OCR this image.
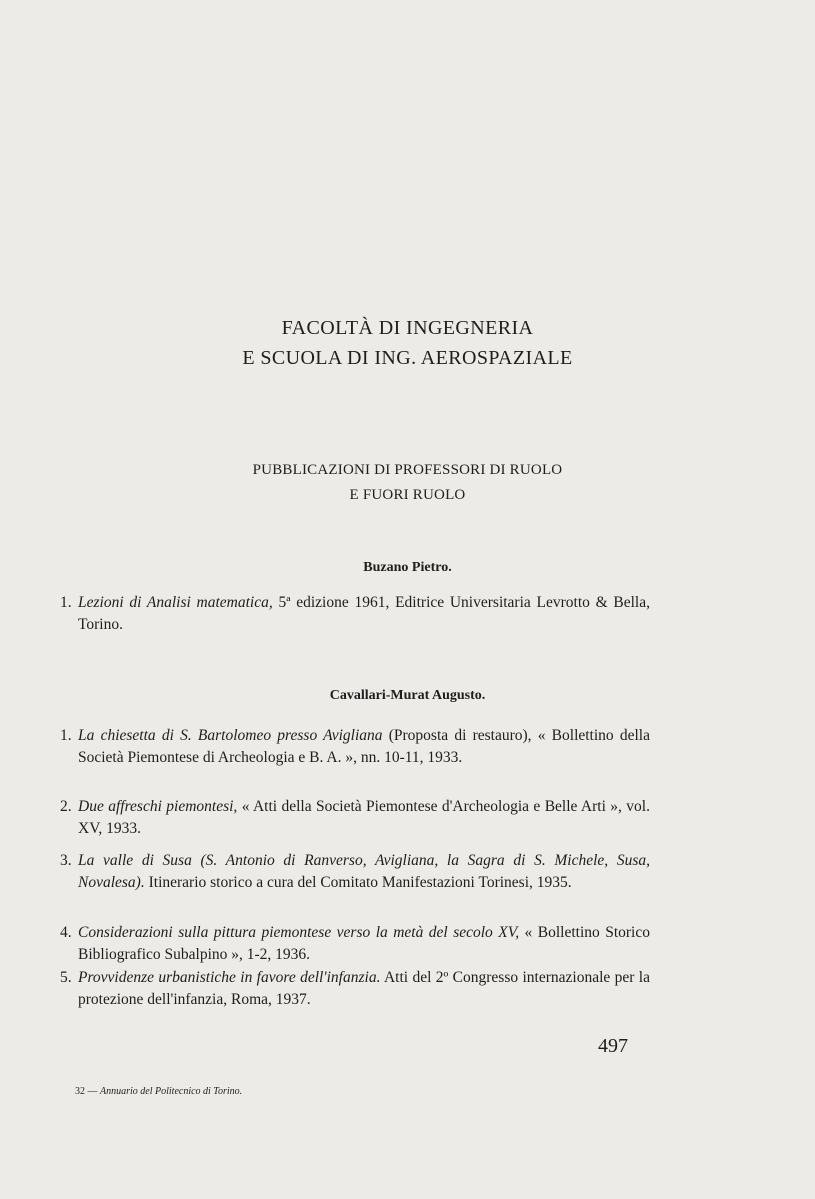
FACOLTÀ DI INGEGNERIA
E SCUOLA DI ING. AEROSPAZIALE
PUBBLICAZIONI DI PROFESSORI DI RUOLO
E FUORI RUOLO
Buzano Pietro.
1. Lezioni di Analisi matematica, 5ª edizione 1961, Editrice Universitaria Levrotto & Bella, Torino.
Cavallari-Murat Augusto.
1. La chiesetta di S. Bartolomeo presso Avigliana (Proposta di restauro), « Bollettino della Società Piemontese di Archeologia e B. A. », nn. 10-11, 1933.
2. Due affreschi piemontesi, « Atti della Società Piemontese d'Archeologia e Belle Arti », vol. XV, 1933.
3. La valle di Susa (S. Antonio di Ranverso, Avigliana, la Sagra di S. Michele, Susa, Novalesa). Itinerario storico a cura del Comitato Manifestazioni Torinesi, 1935.
4. Considerazioni sulla pittura piemontese verso la metà del secolo XV, « Bollettino Storico Bibliografico Subalpino », 1-2, 1936.
5. Provvidenze urbanistiche in favore dell'infanzia. Atti del 2º Congresso internazionale per la protezione dell'infanzia, Roma, 1937.
497
32 — Annuario del Politecnico di Torino.
